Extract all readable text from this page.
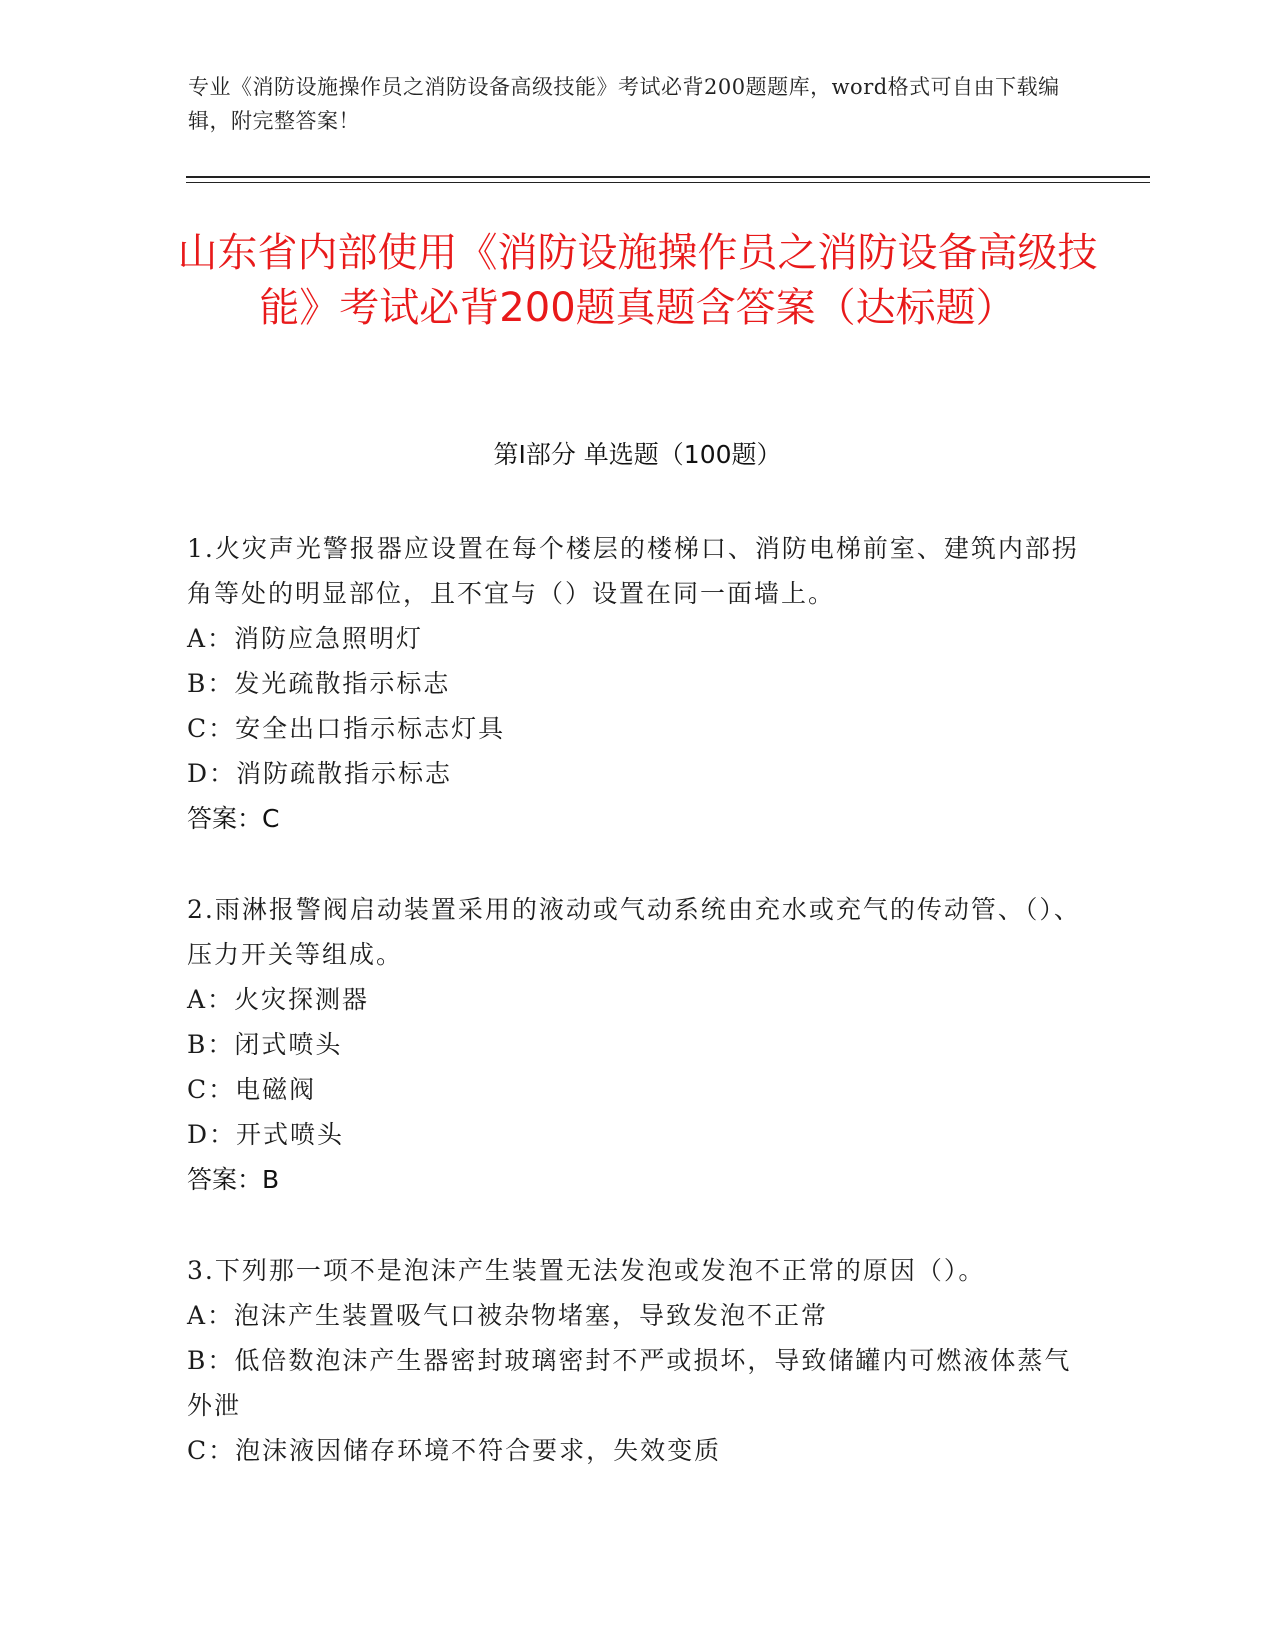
专业《消防设施操作员之消防设备高级技能》考试必背200题题库，word格式可自由下载编辑，附完整答案！
山东省内部使用《消防设施操作员之消防设备高级技能》考试必背200题真题含答案（达标题）
第I部分 单选题（100题）

1.火灾声光警报器应设置在每个楼层的楼梯口、消防电梯前室、建筑内部拐角等处的明显部位，且不宜与（）设置在同一面墙上。

A：消防应急照明灯

B：发光疏散指示标志

C：安全出口指示标志灯具

D：消防疏散指示标志

答案：C

2.雨淋报警阀启动装置采用的液动或气动系统由充水或充气的传动管、（）、压力开关等组成。

A：火灾探测器

B：闭式喷头

C：电磁阀

D：开式喷头

答案：B

3.下列那一项不是泡沫产生装置无法发泡或发泡不正常的原因（）。

A：泡沫产生装置吸气口被杂物堵塞，导致发泡不正常

B：低倍数泡沫产生器密封玻璃密封不严或损坏，导致储罐内可燃液体蒸气外泄

C：泡沫液因储存环境不符合要求，失效变质
